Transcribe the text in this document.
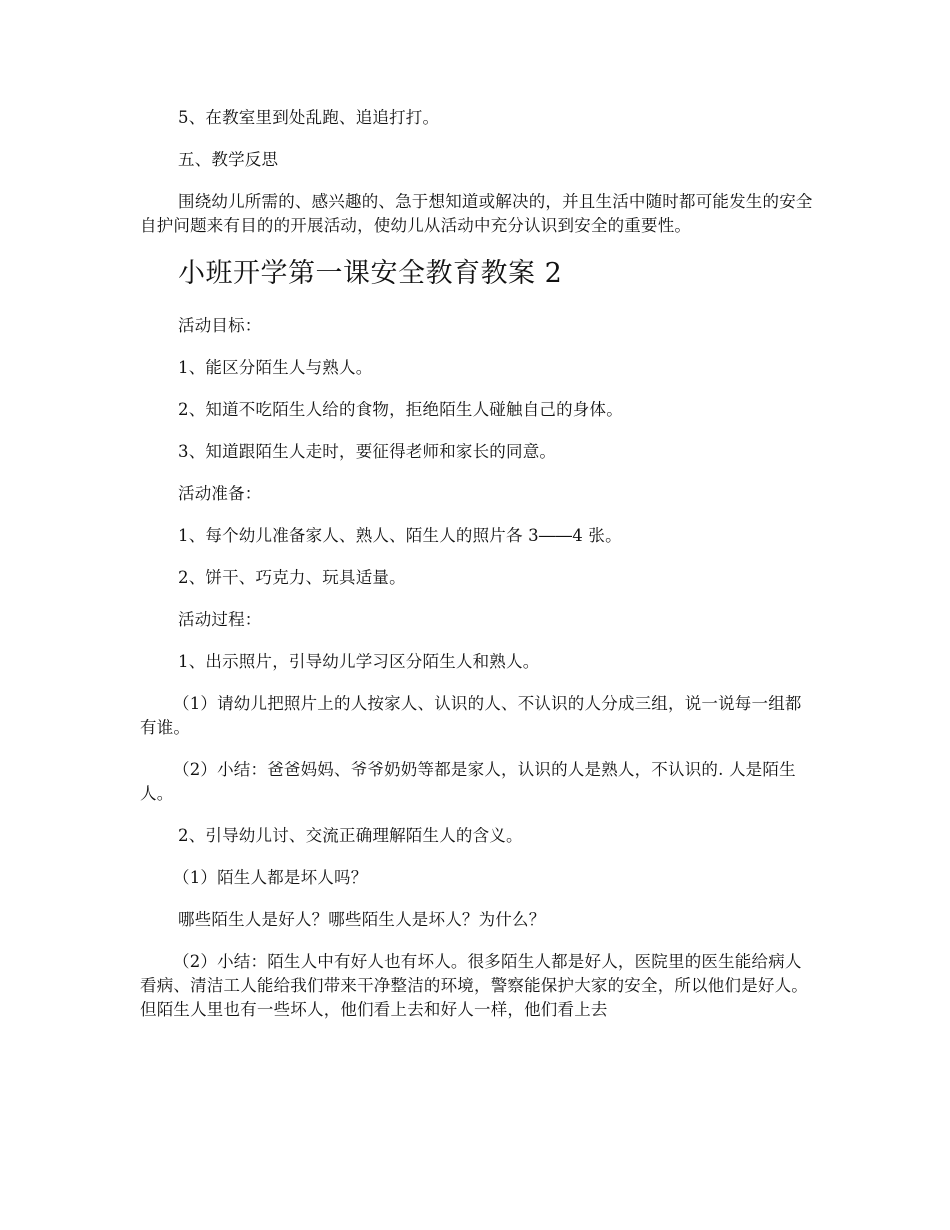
5、在教室里到处乱跑、追追打打。

五、教学反思

围绕幼儿所需的、感兴趣的、急于想知道或解决的，并且生活中随时都可能发生的安全自护问题来有目的的开展活动，使幼儿从活动中充分认识到安全的重要性。

小班开学第一课安全教育教案 2

活动目标：

1、能区分陌生人与熟人。

2、知道不吃陌生人给的食物，拒绝陌生人碰触自己的身体。

3、知道跟陌生人走时，要征得老师和家长的同意。

活动准备：

1、每个幼儿准备家人、熟人、陌生人的照片各 3――4 张。

2、饼干、巧克力、玩具适量。

活动过程：

1、出示照片，引导幼儿学习区分陌生人和熟人。

（1）请幼儿把照片上的人按家人、认识的人、不认识的人分成三组，说一说每一组都有谁。

（2）小结：爸爸妈妈、爷爷奶奶等都是家人，认识的人是熟人，不认识的. 人是陌生人。

2、引导幼儿讨、交流正确理解陌生人的含义。

（1）陌生人都是坏人吗？

哪些陌生人是好人？哪些陌生人是坏人？为什么？

（2）小结：陌生人中有好人也有坏人。很多陌生人都是好人，医院里的医生能给病人看病、清洁工人能给我们带来干净整洁的环境，警察能保护大家的安全，所以他们是好人。但陌生人里也有一些坏人，他们看上去和好人一样，他们看上去
